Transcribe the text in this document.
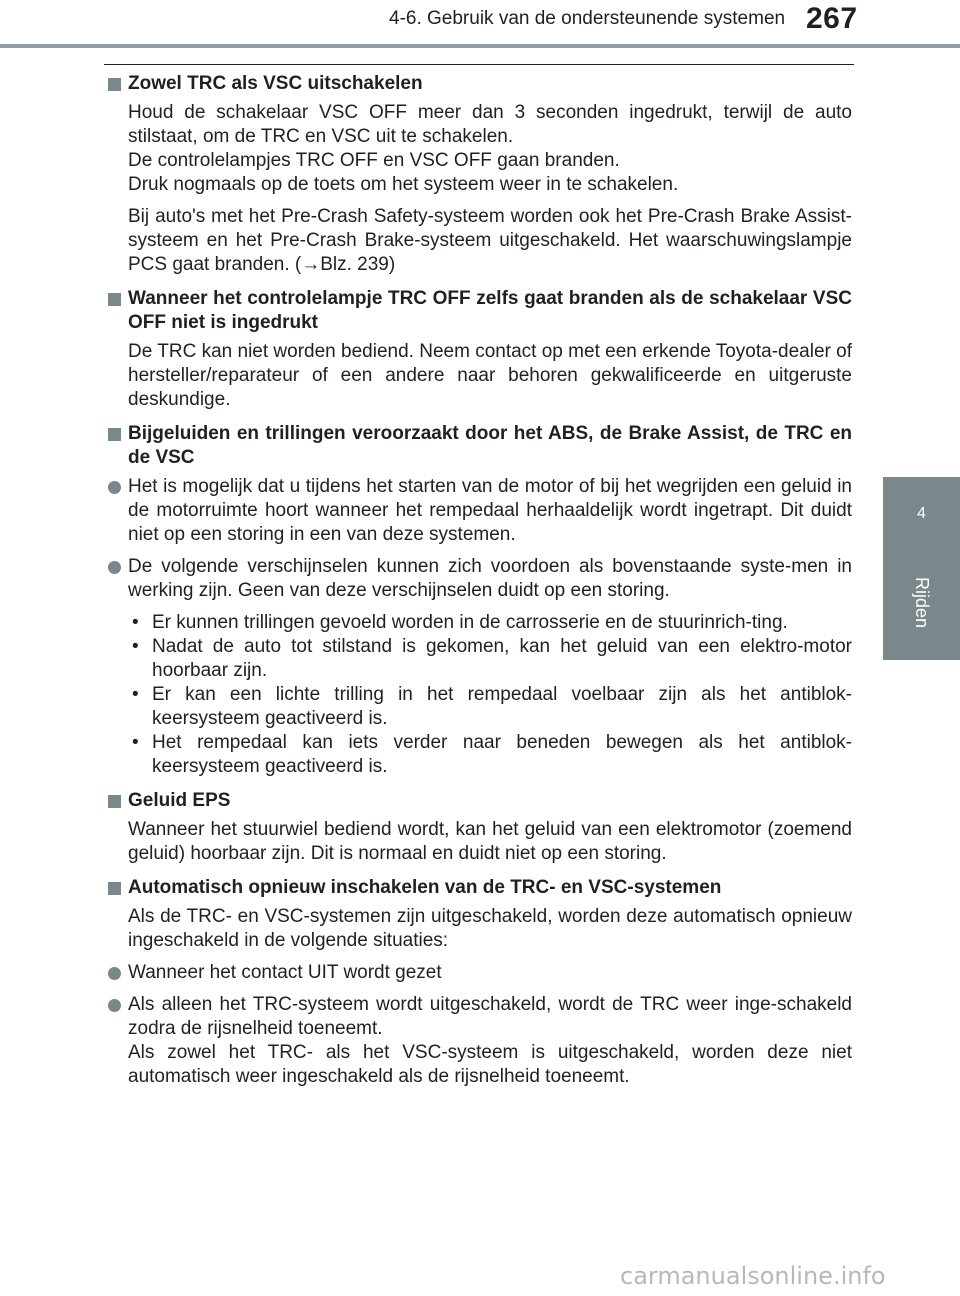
4-6. Gebruik van de ondersteunende systemen 267
4
Rijden
Zowel TRC als VSC uitschakelen
Houd de schakelaar VSC OFF meer dan 3 seconden ingedrukt, terwijl de auto stilstaat, om de TRC en VSC uit te schakelen.
De controlelampjes TRC OFF en VSC OFF gaan branden.
Druk nogmaals op de toets om het systeem weer in te schakelen.
Bij auto's met het Pre-Crash Safety-systeem worden ook het Pre-Crash Brake Assist-systeem en het Pre-Crash Brake-systeem uitgeschakeld. Het waarschuwingslampje PCS gaat branden. (→Blz. 239)
Wanneer het controlelampje TRC OFF zelfs gaat branden als de schakelaar VSC OFF niet is ingedrukt
De TRC kan niet worden bediend. Neem contact op met een erkende Toyota-dealer of hersteller/reparateur of een andere naar behoren gekwalificeerde en uitgeruste deskundige.
Bijgeluiden en trillingen veroorzaakt door het ABS, de Brake Assist, de TRC en de VSC
Het is mogelijk dat u tijdens het starten van de motor of bij het wegrijden een geluid in de motorruimte hoort wanneer het rempedaal herhaaldelijk wordt ingetrapt. Dit duidt niet op een storing in een van deze systemen.
De volgende verschijnselen kunnen zich voordoen als bovenstaande syste-men in werking zijn. Geen van deze verschijnselen duidt op een storing.
• Er kunnen trillingen gevoeld worden in de carrosserie en de stuurinrich-ting.
• Nadat de auto tot stilstand is gekomen, kan het geluid van een elektro-motor hoorbaar zijn.
• Er kan een lichte trilling in het rempedaal voelbaar zijn als het antiblok-keersysteem geactiveerd is.
• Het rempedaal kan iets verder naar beneden bewegen als het antiblok-keersysteem geactiveerd is.
Geluid EPS
Wanneer het stuurwiel bediend wordt, kan het geluid van een elektromotor (zoemend geluid) hoorbaar zijn. Dit is normaal en duidt niet op een storing.
Automatisch opnieuw inschakelen van de TRC- en VSC-systemen
Als de TRC- en VSC-systemen zijn uitgeschakeld, worden deze automatisch opnieuw ingeschakeld in de volgende situaties:
Wanneer het contact UIT wordt gezet
Als alleen het TRC-systeem wordt uitgeschakeld, wordt de TRC weer inge-schakeld zodra de rijsnelheid toeneemt.
Als zowel het TRC- als het VSC-systeem is uitgeschakeld, worden deze niet automatisch weer ingeschakeld als de rijsnelheid toeneemt.
carmanualsonline.info
